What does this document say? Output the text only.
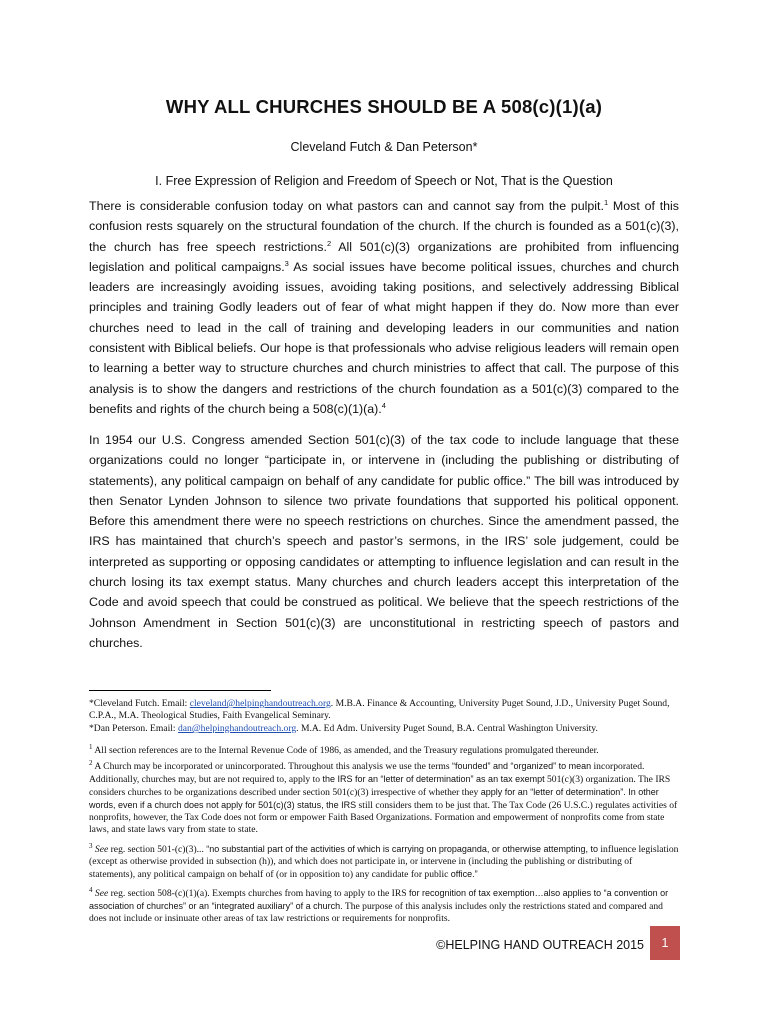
WHY ALL CHURCHES SHOULD BE A 508(c)(1)(a)
Cleveland Futch & Dan Peterson*
I. Free Expression of Religion and Freedom of Speech or Not, That is the Question

There is considerable confusion today on what pastors can and cannot say from the pulpit.$^1$ Most of this confusion rests squarely on the structural foundation of the church. If the church is founded as a 501(c)(3), the church has free speech restrictions.$^2$ All 501(c)(3) organizations are prohibited from influencing legislation and political campaigns.$^3$ As social issues have become political issues, churches and church leaders are increasingly avoiding issues, avoiding taking positions, and selectively addressing Biblical principles and training Godly leaders out of fear of what might happen if they do. Now more than ever churches need to lead in the call of training and developing leaders in our communities and nation consistent with Biblical beliefs. Our hope is that professionals who advise religious leaders will remain open to learning a better way to structure churches and church ministries to affect that call. The purpose of this analysis is to show the dangers and restrictions of the church foundation as a 501(c)(3) compared to the benefits and rights of the church being a 508(c)(1)(a).$^4$

In 1954 our U.S. Congress amended Section 501(c)(3) of the tax code to include language that these organizations could no longer “participate in, or intervene in (including the publishing or distributing of statements), any political campaign on behalf of any candidate for public office.” The bill was introduced by then Senator Lynden Johnson to silence two private foundations that supported his political opponent. Before this amendment there were no speech restrictions on churches. Since the amendment passed, the IRS has maintained that church’s speech and pastor’s sermons, in the IRS’ sole judgement, could be interpreted as supporting or opposing candidates or attempting to influence legislation and can result in the church losing its tax exempt status. Many churches and church leaders accept this interpretation of the Code and avoid speech that could be construed as political. We believe that the speech restrictions of the Johnson Amendment in Section 501(c)(3) are unconstitutional in restricting speech of pastors and churches.

*Cleveland Futch. Email: cleveland@helpinghandoutreach.org. M.B.A. Finance & Accounting, University Puget Sound, J.D., University Puget Sound, C.P.A., M.A. Theological Studies, Faith Evangelical Seminary.

*Dan Peterson. Email: dan@helpinghandoutreach.org. M.A. Ed Adm. University Puget Sound, B.A. Central Washington University.

$^1$ All section references are to the Internal Revenue Code of 1986, as amended, and the Treasury regulations promulgated thereunder.

$^2$ A Church may be incorporated or unincorporated. Throughout this analysis we use the terms “founded” and “organized” to mean incorporated. Additionally, churches may, but are not required to, apply to the IRS for an “letter of determination” as an tax exempt 501(c)(3) organization. The IRS considers churches to be organizations described under section 501(c)(3) irrespective of whether they apply for an “letter of determination”. In other words, even if a church does not apply for 501(c)(3) status, the IRS still considers them to be just that. The Tax Code (26 U.S.C.) regulates activities of nonprofits, however, the Tax Code does not form or empower Faith Based Organizations. Formation and empowerment of nonprofits come from state laws, and state laws vary from state to state.

$^3$ See reg. section 501-(c)(3)... “no substantial part of the activities of which is carrying on propaganda, or otherwise attempting, to influence legislation (except as otherwise provided in subsection (h)), and which does not participate in, or intervene in (including the publishing or distributing of statements), any political campaign on behalf of (or in opposition to) any candidate for public office.”

$^4$ See reg. section 508-(c)(1)(a). Exempts churches from having to apply to the IRS for recognition of tax exemption…also applies to “a convention or association of churches” or an “integrated auxiliary” of a church. The purpose of this analysis includes only the restrictions stated and compared and does not include or insinuate other areas of tax law restrictions or requirements for nonprofits.

©HELPING HAND OUTREACH 2015	1
